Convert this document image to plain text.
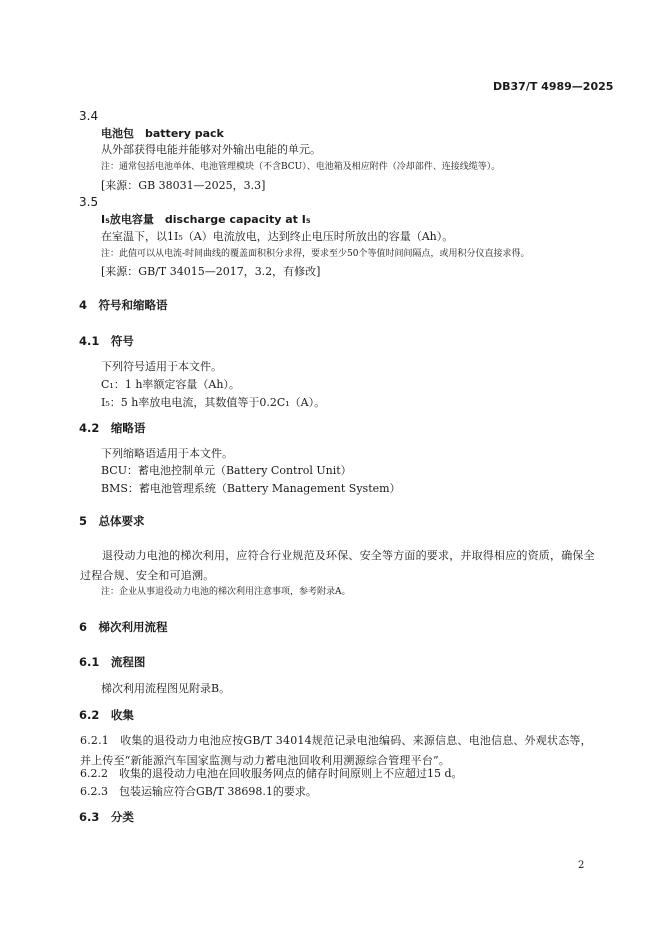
DB37/T 4989—2025
3.4
电池包　battery pack
从外部获得电能并能够对外输出电能的单元。
注：通常包括电池单体、电池管理模块（不含BCU）、电池箱及相应附件（冷却部件、连接线缆等）。
[来源：GB 38031—2025，3.3]
3.5
I₅放电容量　discharge capacity at I₅
在室温下，以1I₅（A）电流放电，达到终止电压时所放出的容量（Ah）。
注：此值可以从电流-时间曲线的覆盖面积积分求得，要求至少50个等值时间间隔点，或用积分仪直接求得。
[来源：GB/T 34015—2017，3.2，有修改]
4　符号和缩略语
4.1　符号
下列符号适用于本文件。
C₁：1 h率额定容量（Ah）。
I₅：5 h率放电电流，其数值等于0.2C₁（A）。
4.2　缩略语
下列缩略语适用于本文件。
BCU：蓄电池控制单元（Battery Control Unit）
BMS：蓄电池管理系统（Battery Management System）
5　总体要求
退役动力电池的梯次利用，应符合行业规范及环保、安全等方面的要求，并取得相应的资质，确保全过程合规、安全和可追溯。
注：企业从事退役动力电池的梯次利用注意事项，参考附录A。
6　梯次利用流程
6.1　流程图
梯次利用流程图见附录B。
6.2　收集
6.2.1　收集的退役动力电池应按GB/T 34014规范记录电池编码、来源信息、电池信息、外观状态等，并上传至“新能源汽车国家监测与动力蓄电池回收利用溯源综合管理平台”。
6.2.2　收集的退役动力电池在回收服务网点的储存时间原则上不应超过15 d。
6.2.3　包装运输应符合GB/T 38698.1的要求。
6.3　分类
2
